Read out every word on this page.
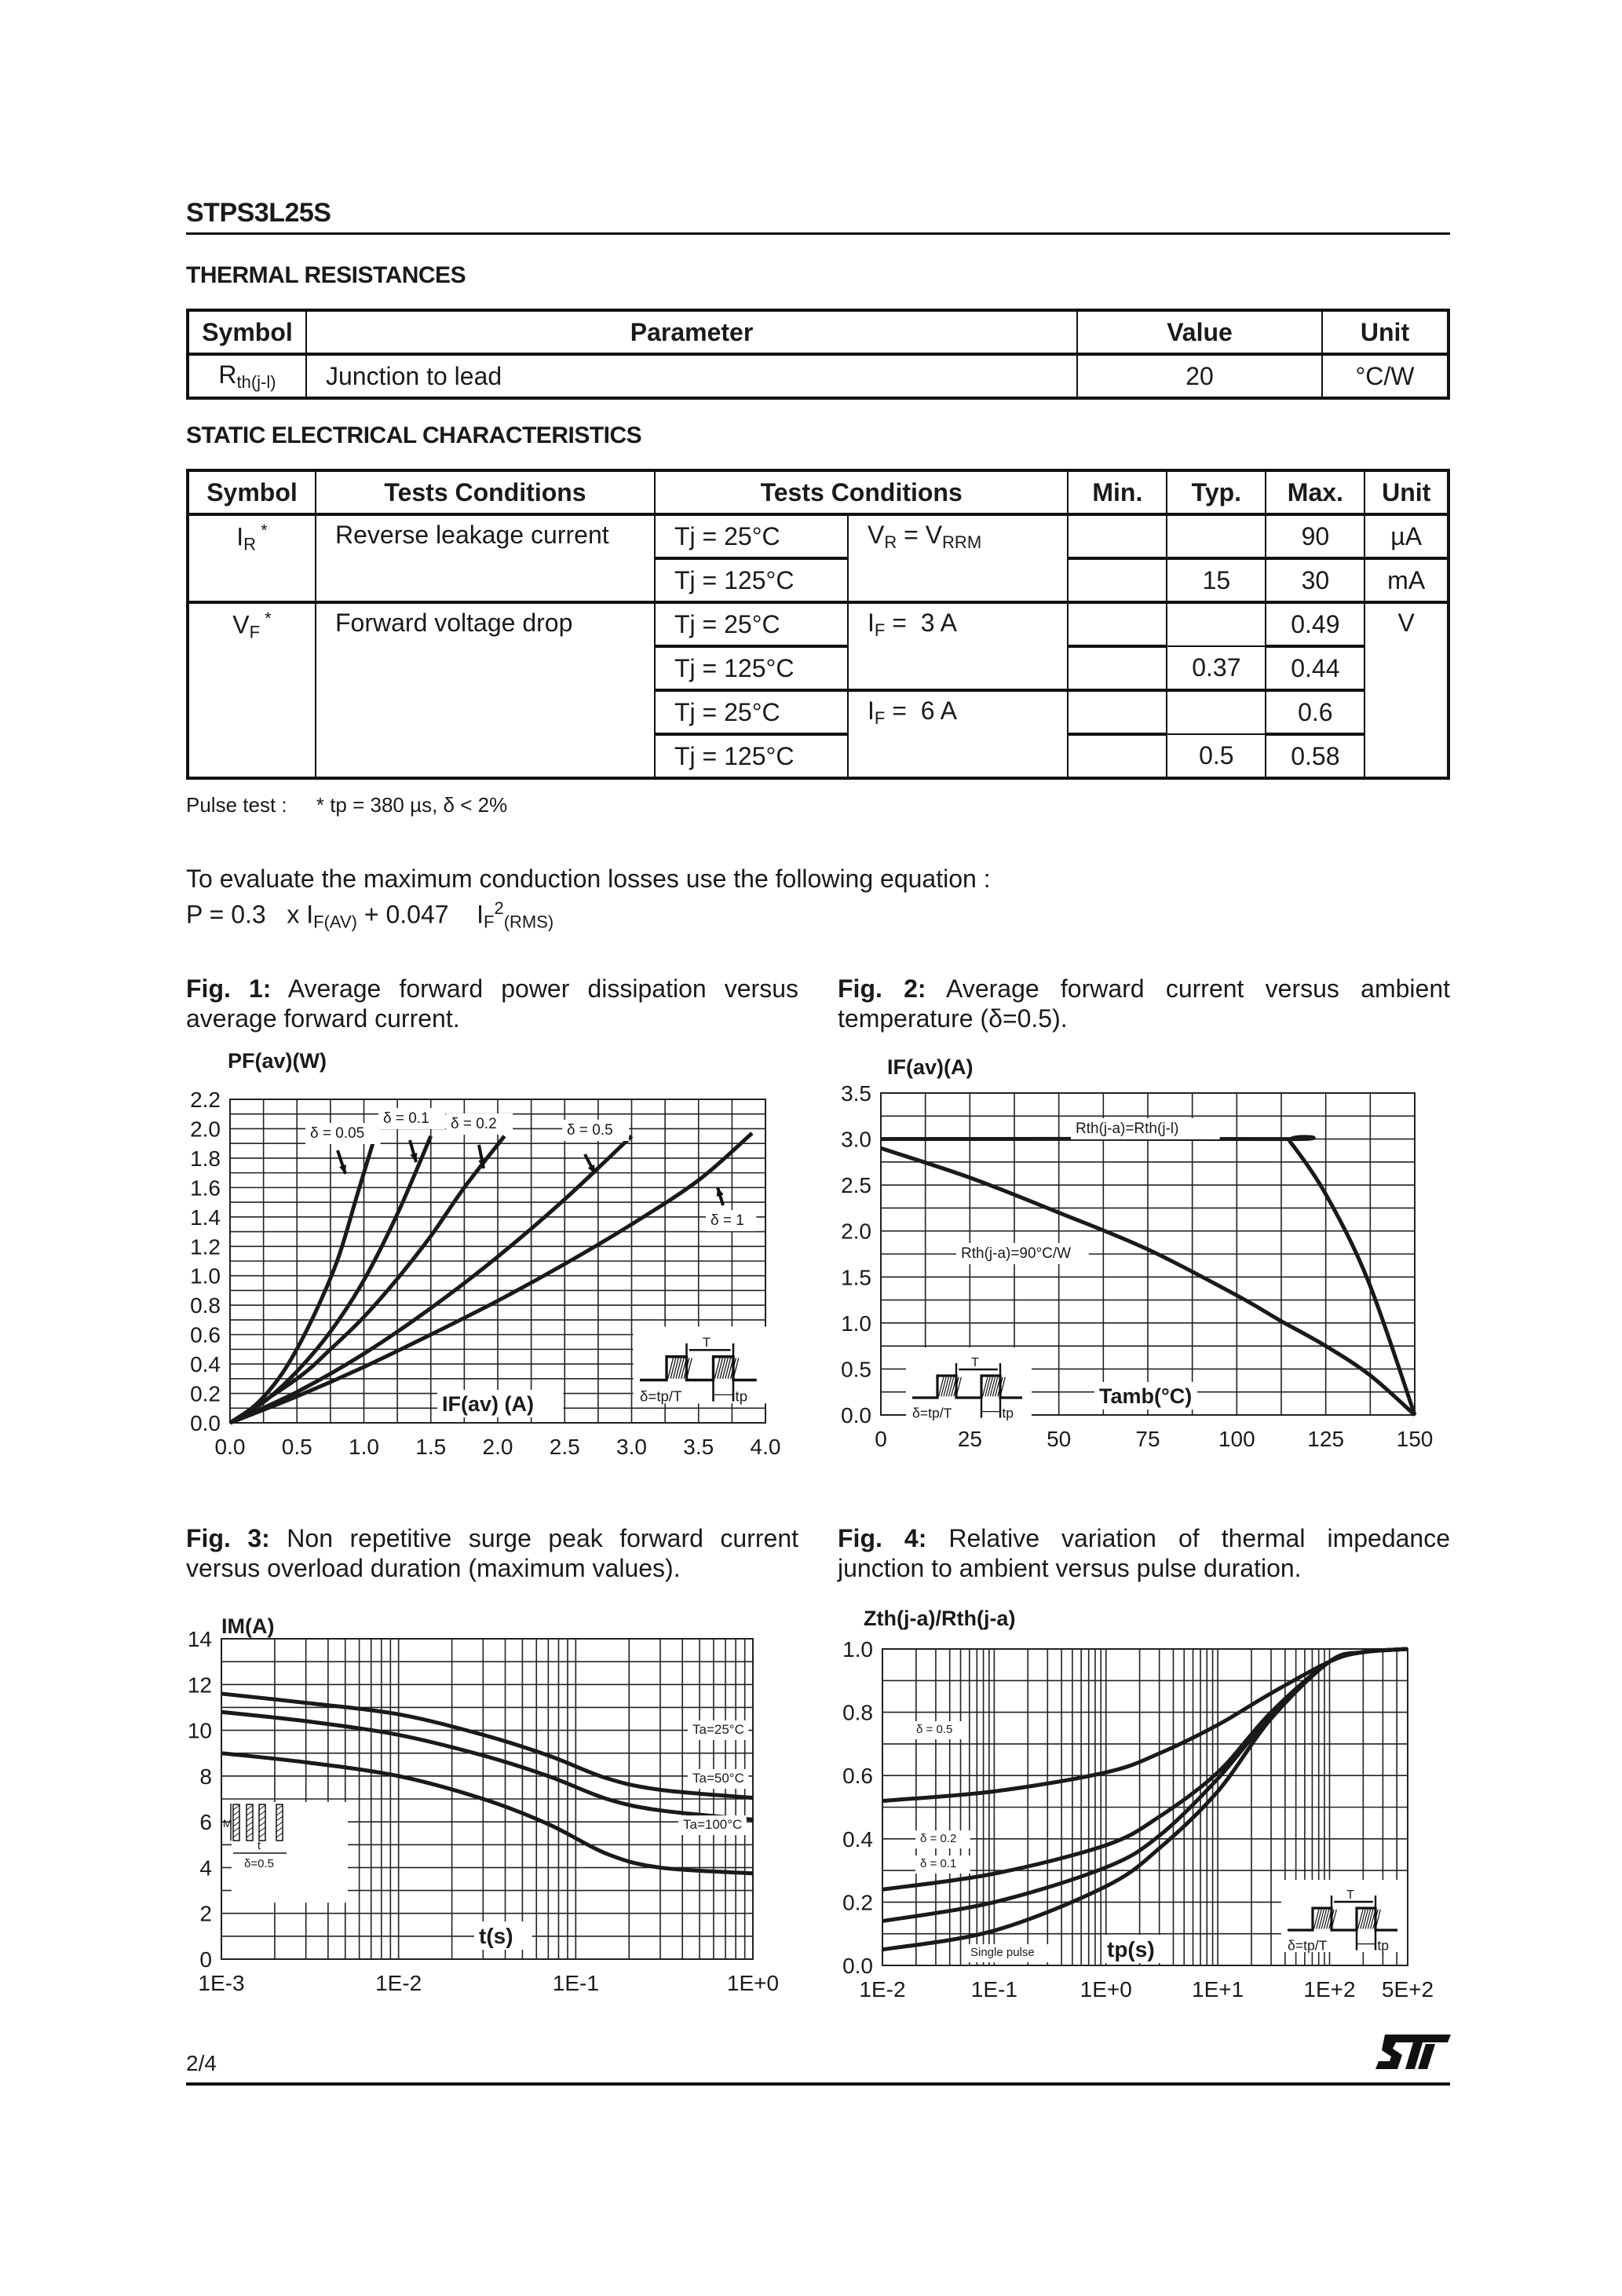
STPS3L25S
THERMAL RESISTANCES
Symbol	Parameter	Value	Unit
$R_{th(j-l)}$	Junction to lead	20	°C/W
STATIC ELECTRICAL CHARACTERISTICS
Symbol	Tests Conditions	Tests Conditions		Min.	Typ.	Max.	Unit
$I_R$ *	Reverse leakage current	Tj = 25°C	$V_R = V_{RRM}$			90	µA
		Tj = 125°C			15	30	mA
$V_F$ *	Forward voltage drop	Tj = 25°C	$I_F = 3$ A			0.49	V
		Tj = 125°C			0.37	0.44	
		Tj = 25°C	$I_F = 6$ A			0.6	
		Tj = 125°C			0.5	0.58	
Pulse test : * tp = 380 µs, δ < 2%
To evaluate the maximum conduction losses use the following equation :
P = 0.3   x $I_{F(AV)} + 0.047$    $I_F^2_{(RMS)}$
Fig. 1: Average forward power dissipation versus average forward current.
Fig. 2: Average forward current versus ambient temperature (δ=0.5).
Fig. 3: Non repetitive surge peak forward current versus overload duration (maximum values).
Fig. 4: Relative variation of thermal impedance junction to ambient versus pulse duration.
0.0
0.2
0.4
0.6
0.8
1.0
1.2
1.4
1.6
1.8
2.0
2.2
0.0 0.5 1.0 1.5 2.0 2.5 3.0 3.5 4.0
PF(av)(W)
δ = 0.05
δ = 0.1 δ = 0.2	δ = 0.5
δ = 1
IF(av) (A)
T
δ=tp/T	tp
0.0
0.5
1.0
1.5
2.0
2.5
3.0
3.5
0	25	50	75	100 125 150
IF(av)(A)
Rth(j-a)=Rth(j-l)
Rth(j-a)=90°C/W
Tamb(°C)
T
δ=tp/T	tp
0
2
4
6
8
10
12
14
1E-3	1E-2	1E-1	1E+0
IM(A)
Ta=25°C
Ta=50°C
Ta=100°C
t(s)
IM
t
δ=0.5
0.0
0.2
0.4
0.6
0.8
1.0
1E-2	1E-1	1E+0	1E+1	1E+2 5E+2
Zth(j-a)/Rth(j-a)
δ = 0.5
δ = 0.2
δ = 0.1
Single pulse	tp(s)
T
δ=tp/T	tp
2/4
